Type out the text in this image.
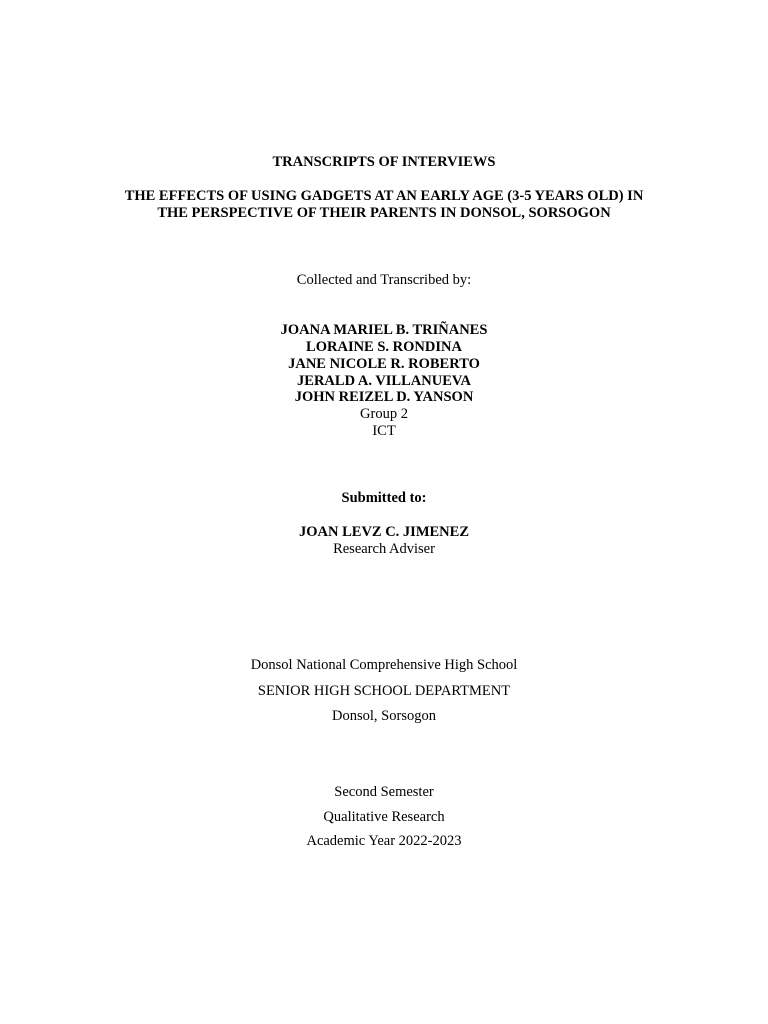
TRANSCRIPTS OF INTERVIEWS
THE EFFECTS OF USING GADGETS AT AN EARLY AGE (3-5 YEARS OLD) IN
THE PERSPECTIVE OF THEIR PARENTS IN DONSOL, SORSOGON
Collected and Transcribed by:
JOANA MARIEL B. TRIÑANES
LORAINE S. RONDINA
JANE NICOLE R. ROBERTO
JERALD A. VILLANUEVA
JOHN REIZEL D. YANSON
Group 2
ICT
Submitted to:
JOAN LEVZ C. JIMENEZ
Research Adviser
Donsol National Comprehensive High School
SENIOR HIGH SCHOOL DEPARTMENT
Donsol, Sorsogon
Second Semester
Qualitative Research
Academic Year 2022-2023
